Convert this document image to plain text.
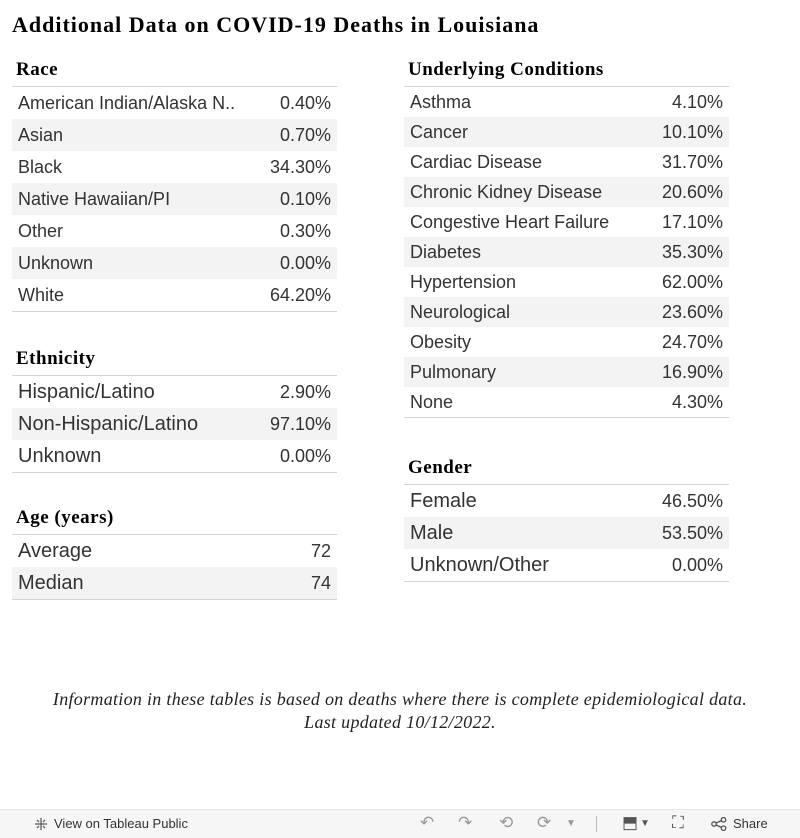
Additional Data on COVID-19 Deaths in Louisiana
Race
American Indian/Alaska N.. 0.40%
Asian	0.70%
Black	34.30%
Native Hawaiian/PI	0.10%
Other	0.30%
Unknown	0.00%
White	64.20%
Ethnicity
Hispanic/Latino	2.90%
Non-Hispanic/Latino	97.10%
Unknown	0.00%
Age (years)
Average	72
Median	74
Underlying Conditions
Asthma	4.10%
Cancer	10.10%
Cardiac Disease	31.70%
Chronic Kidney Disease	20.60%
Congestive Heart Failure	17.10%
Diabetes	35.30%
Hypertension	62.00%
Neurological	23.60%
Obesity	24.70%
Pulmonary	16.90%
None	4.30%
Gender
Female	46.50%
Male	53.50%
Unknown/Other	0.00%
Information in these tables is based on deaths where there is complete epidemiological data.
Last updated 10/12/2022.
View on Tableau Public	↶ ↷ ⟲ ⟳ ▼	⬒ ▼ ⛶	Share
